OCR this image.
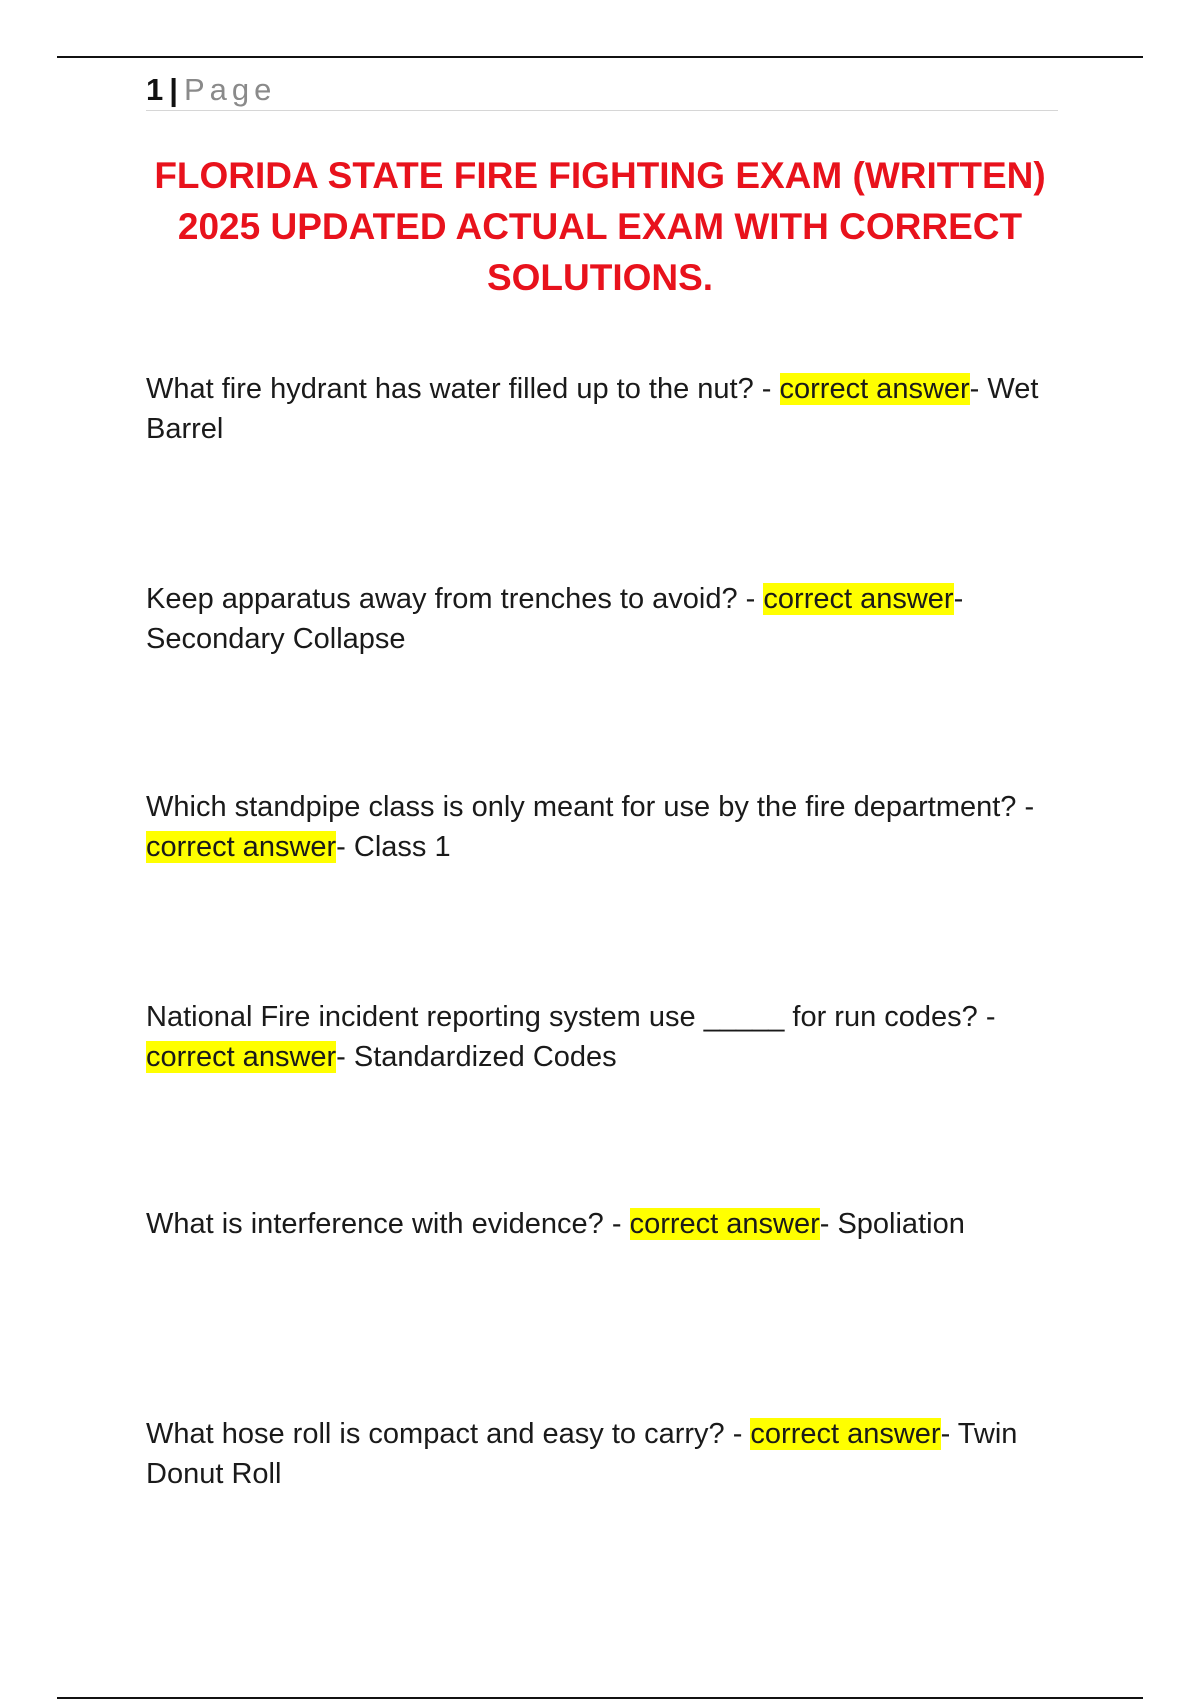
1 | Page
FLORIDA STATE FIRE FIGHTING EXAM (WRITTEN) 2025 UPDATED ACTUAL EXAM WITH CORRECT SOLUTIONS.

What fire hydrant has water filled up to the nut? - correct answer- Wet Barrel

Keep apparatus away from trenches to avoid? - correct answer- Secondary Collapse

Which standpipe class is only meant for use by the fire department? - correct answer- Class 1

National Fire incident reporting system use _____ for run codes? - correct answer- Standardized Codes

What is interference with evidence? - correct answer- Spoliation

What hose roll is compact and easy to carry? - correct answer- Twin Donut Roll
